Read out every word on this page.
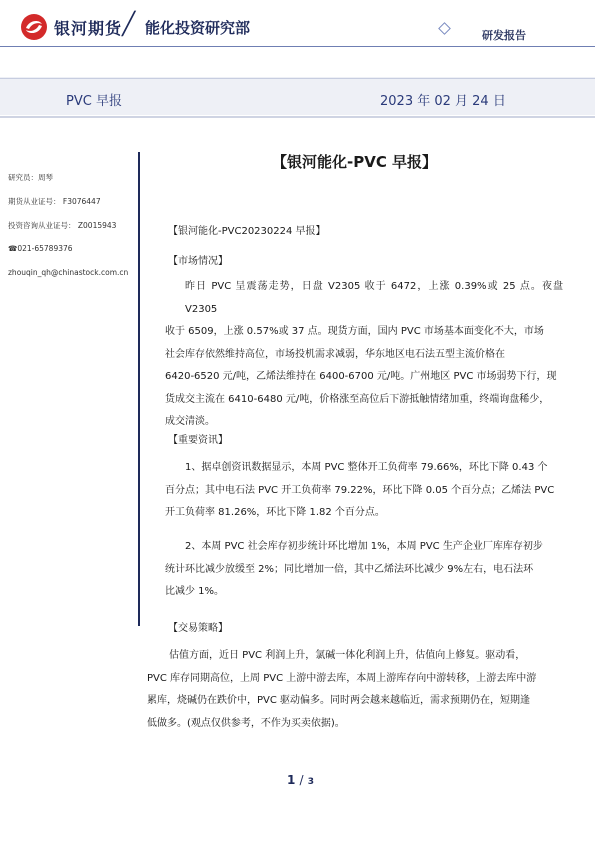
银河期货 ╱ 能化投资研究部	研发报告
PVC 早报	2023 年 02 月 24 日
研究员：周琴
期货从业证号： F3076447
投资咨询从业证号： Z0015943
☎021-65789376
zhouqin_qh@chinastock.com.cn
【银河能化-PVC 早报】
【银河能化-PVC20230224 早报】
【市场情况】
昨日 PVC 呈震荡走势，日盘 V2305 收于 6472，上涨 0.39%或 25 点。夜盘 V2305
收于 6509，上涨 0.57%或 37 点。现货方面，国内 PVC 市场基本面变化不大，市场
社会库存依然维持高位，市场投机需求减弱，华东地区电石法五型主流价格在
6420-6520 元/吨，乙烯法维持在 6400-6700 元/吨。广州地区 PVC 市场弱势下行，现
货成交主流在 6410-6480 元/吨，价格涨至高位后下游抵触情绪加重，终端询盘稀少，
成交清淡。
【重要资讯】
1、据卓创资讯数据显示，本周 PVC 整体开工负荷率 79.66%，环比下降 0.43 个
百分点；其中电石法 PVC 开工负荷率 79.22%，环比下降 0.05 个百分点；乙烯法 PVC
开工负荷率 81.26%，环比下降 1.82 个百分点。
2、本周 PVC 社会库存初步统计环比增加 1%，本周 PVC 生产企业厂库库存初步
统计环比减少放缓至 2%；同比增加一倍，其中乙烯法环比减少 9%左右，电石法环
比减少 1%。
【交易策略】
估值方面，近日 PVC 利润上升，氯碱一体化利润上升，估值向上修复。驱动看，
PVC 库存同期高位，上周 PVC 上游中游去库，本周上游库存向中游转移，上游去库中游
累库，烧碱仍在跌价中，PVC 驱动偏多。同时两会越来越临近，需求预期仍在，短期逢
低做多。(观点仅供参考，不作为买卖依据)。
1 / 3
